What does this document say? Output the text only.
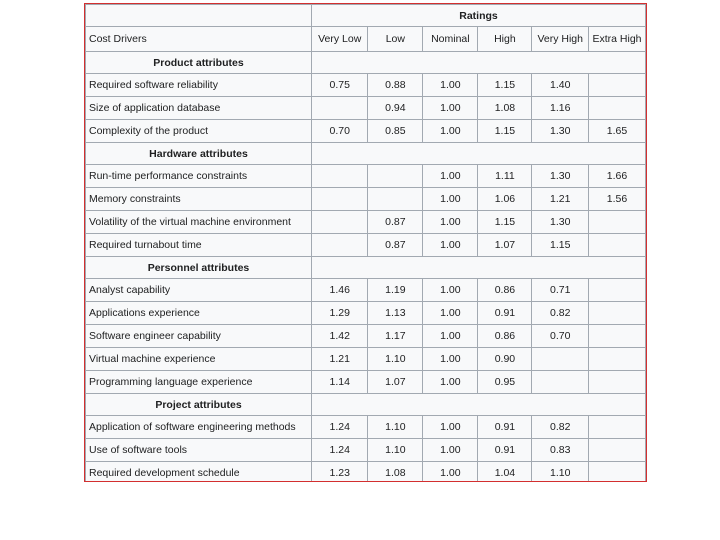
	Ratings					
Cost Drivers	Very Low	Low	Nominal	High	Very High	Extra High
Product attributes						
Required software reliability	0.75	0.88	1.00	1.15	1.40	
Size of application database		0.94	1.00	1.08	1.16	
Complexity of the product	0.70	0.85	1.00	1.15	1.30	1.65
Hardware attributes						
Run-time performance constraints			1.00	1.11	1.30	1.66
Memory constraints			1.00	1.06	1.21	1.56
Volatility of the virtual machine environment		0.87	1.00	1.15	1.30	
Required turnabout time		0.87	1.00	1.07	1.15	
Personnel attributes						
Analyst capability	1.46	1.19	1.00	0.86	0.71	
Applications experience	1.29	1.13	1.00	0.91	0.82	
Software engineer capability	1.42	1.17	1.00	0.86	0.70	
Virtual machine experience	1.21	1.10	1.00	0.90		
Programming language experience	1.14	1.07	1.00	0.95		
Project attributes						
Application of software engineering methods	1.24	1.10	1.00	0.91	0.82	
Use of software tools	1.24	1.10	1.00	0.91	0.83	
Required development schedule	1.23	1.08	1.00	1.04	1.10	
